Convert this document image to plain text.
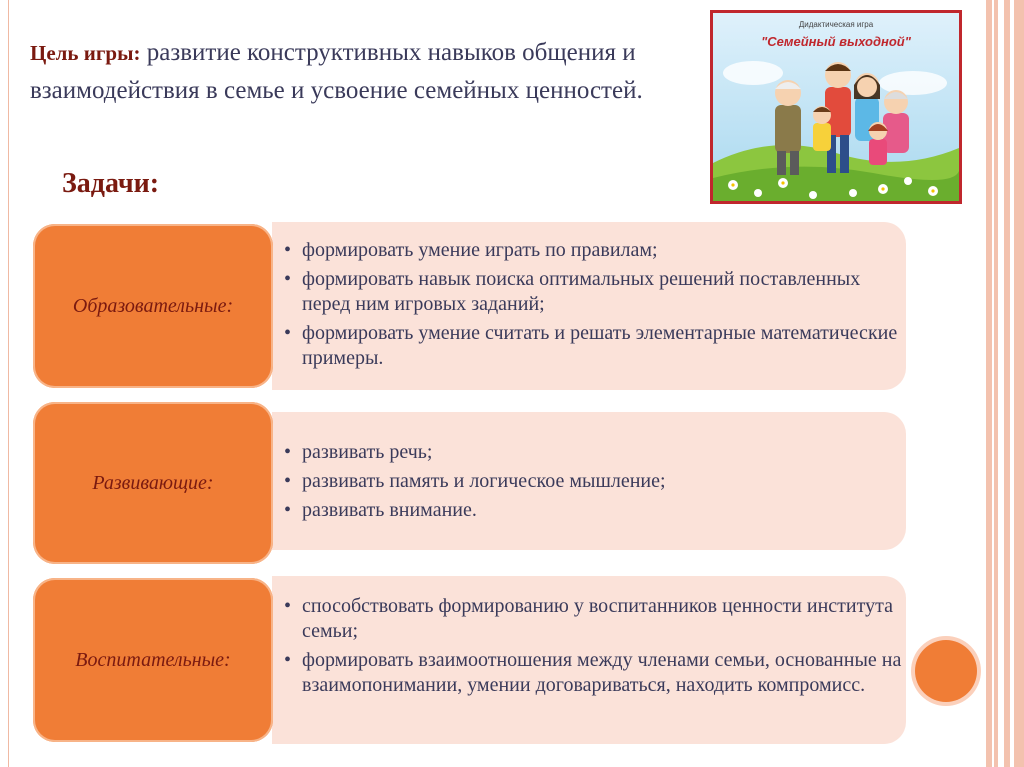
Цель игры: развитие конструктивных навыков общения и взаимодействия в семье и усвоение семейных ценностей.

Дидактическая игра
"Семейный выходной"
Задачи:
• формировать умение играть по правилам;
• формировать навык поиска оптимальных решений поставленных перед ним игровых заданий;
• формировать умение считать и решать элементарные математические примеры.
Образовательные:
• развивать речь;
• развивать память и логическое мышление;
• развивать внимание.
Развивающие:
• способствовать формированию у воспитанников ценности института семьи;
• формировать взаимоотношения между членами семьи, основанные на взаимопонимании, умении договариваться, находить компромисс.
Воспитательные:
